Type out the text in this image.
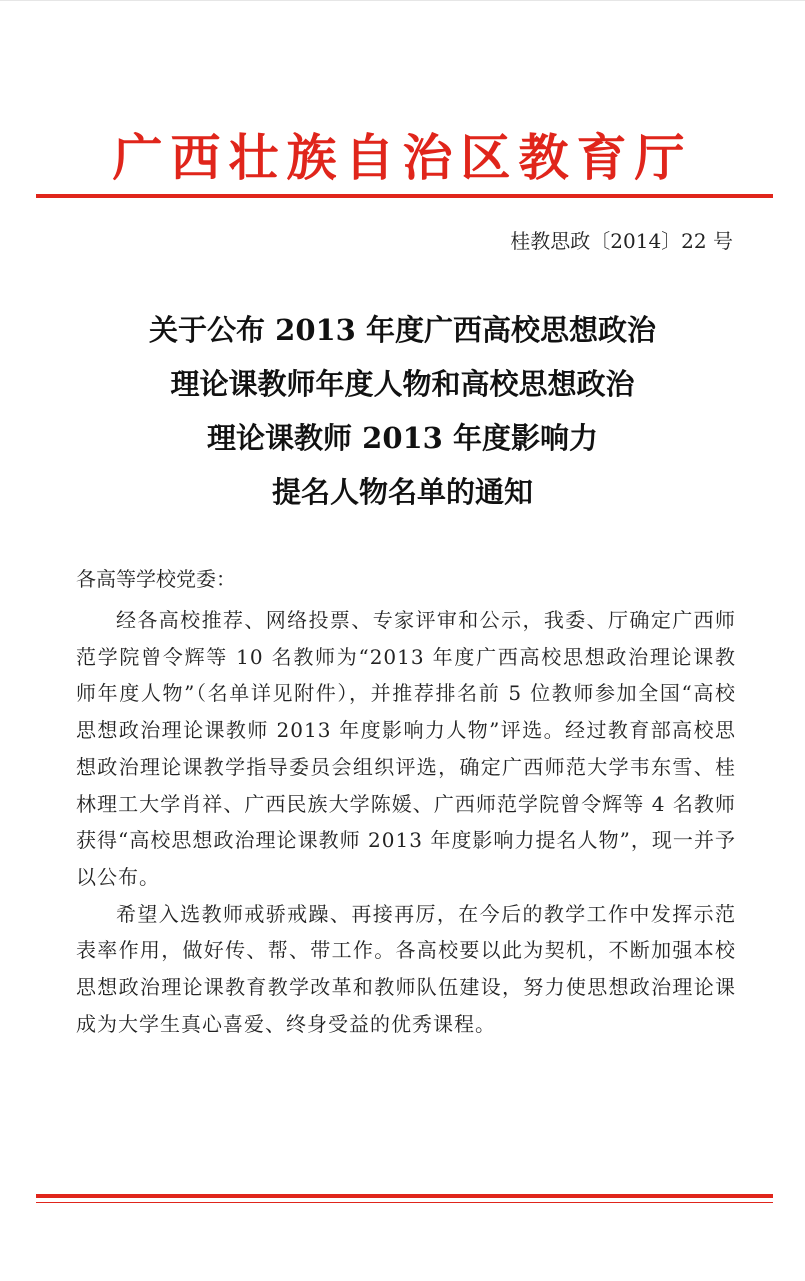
广西壮族自治区教育厅
桂教思政〔2014〕22 号
关于公布 2013 年度广西高校思想政治
理论课教师年度人物和高校思想政治
理论课教师 2013 年度影响力
提名人物名单的通知
各高等学校党委：

经各高校推荐、网络投票、专家评审和公示，我委、厅确定广西师范学院曾令辉等 10 名教师为“2013 年度广西高校思想政治理论课教师年度人物”（名单详见附件），并推荐排名前 5 位教师参加全国“高校思想政治理论课教师 2013 年度影响力人物”评选。经过教育部高校思想政治理论课教学指导委员会组织评选，确定广西师范大学韦东雪、桂林理工大学肖祥、广西民族大学陈媛、广西师范学院曾令辉等 4 名教师获得“高校思想政治理论课教师 2013 年度影响力提名人物”，现一并予以公布。

希望入选教师戒骄戒躁、再接再厉，在今后的教学工作中发挥示范表率作用，做好传、帮、带工作。各高校要以此为契机，不断加强本校思想政治理论课教育教学改革和教师队伍建设，努力使思想政治理论课成为大学生真心喜爱、终身受益的优秀课程。
